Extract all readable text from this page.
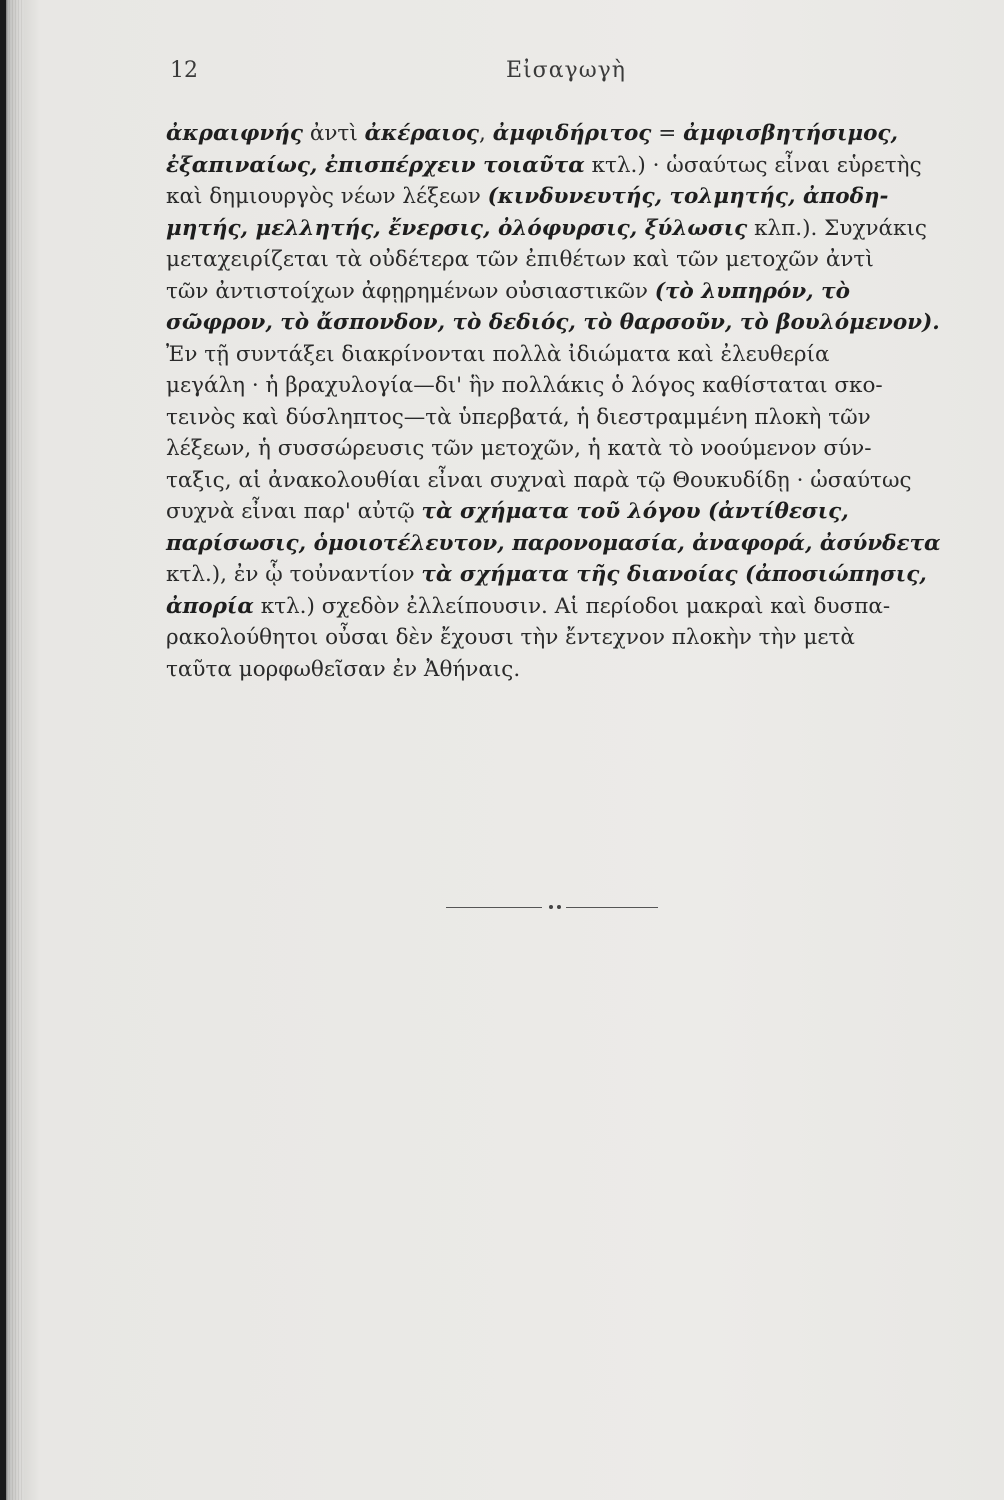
12	Εἰσαγωγὴ
ἀκραιφνής ἀντὶ ἀκέραιος, ἀμφιδήριτος = ἀμφισβητήσιμος,
ἐξαπιναίως, ἐπισπέρχειν τοιαῦτα κτλ.) · ὡσαύτως εἶναι εὑρετὴς
καὶ δημιουργὸς νέων λέξεων (κινδυνευτής, τολμητής, ἀποδη-
μητής, μελλητής, ἔνερσις, ὀλόφυρσις, ξύλωσις κλπ.). Συχνάκις
μεταχειρίζεται τὰ οὐδέτερα τῶν ἐπιθέτων καὶ τῶν μετοχῶν ἀντὶ
τῶν ἀντιστοίχων ἀφῃρημένων οὐσιαστικῶν (τὸ λυπηρόν, τὸ
σῶφρον, τὸ ἄσπονδον, τὸ δεδιός, τὸ θαρσοῦν, τὸ βουλόμενον).
Ἐν τῇ συντάξει διακρίνονται πολλὰ ἰδιώματα καὶ ἐλευθερία
μεγάλη · ἡ βραχυλογία—δι' ἣν πολλάκις ὁ λόγος καθίσταται σκο-
τεινὸς καὶ δύσληπτος—τὰ ὑπερβατά, ἡ διεστραμμένη πλοκὴ τῶν
λέξεων, ἡ συσσώρευσις τῶν μετοχῶν, ἡ κατὰ τὸ νοούμενον σύν-
ταξις, αἱ ἀνακολουθίαι εἶναι συχναὶ παρὰ τῷ Θουκυδίδῃ · ὡσαύτως
συχνὰ εἶναι παρ' αὐτῷ τὰ σχήματα τοῦ λόγου (ἀντίθεσις,
παρίσωσις, ὁμοιοτέλευτον, παρονομασία, ἀναφορά, ἀσύνδετα
κτλ.), ἐν ᾧ τοὐναντίον τὰ σχήματα τῆς διανοίας (ἀποσιώπησις,
ἀπορία κτλ.) σχεδὸν ἐλλείπουσιν. Αἱ περίοδοι μακραὶ καὶ δυσπα-
ρακολούθητοι οὖσαι δὲν ἔχουσι τὴν ἔντεχνον πλοκὴν τὴν μετὰ
ταῦτα μορφωθεῖσαν ἐν Ἀθήναις.
